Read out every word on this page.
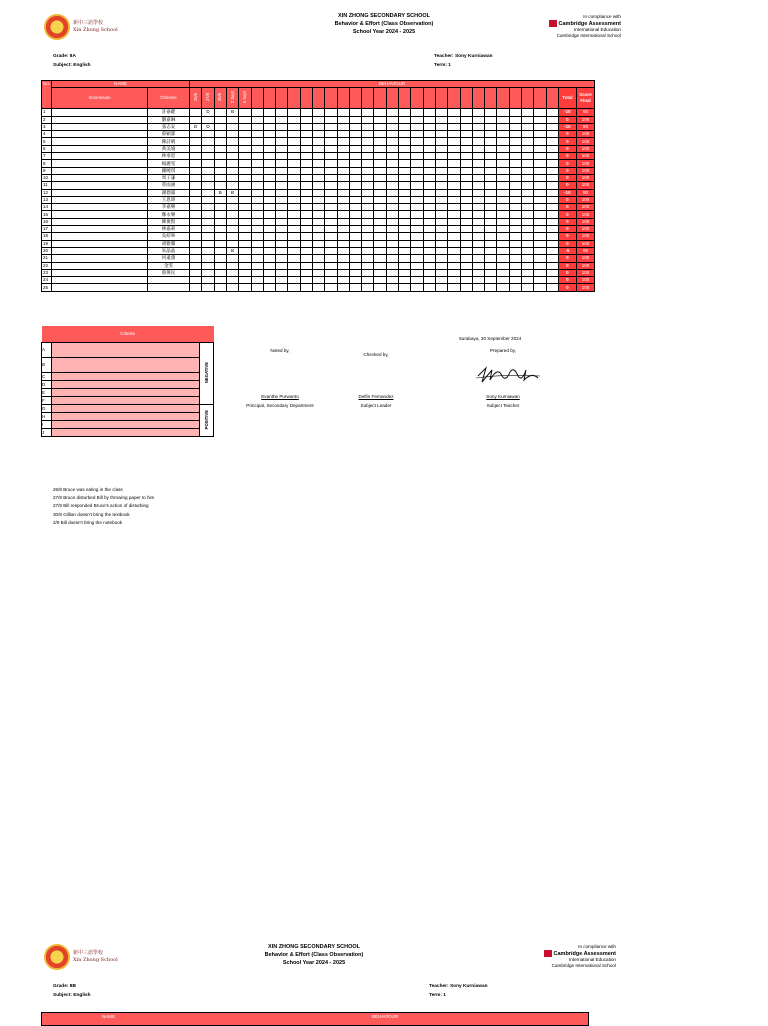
新中三語學校
Xin Zhong School
XIN ZHONG SECONDARY SCHOOL
Behavior & Effort (Class Observation)
School Year 2024 - 2025
In compliance with
Cambridge Assessment
International Education
Cambridge International School
Grade: 8A
Subject: English
Teacher: Sony Kurniawan
Term: 1
No.	NAME		BEHAVIOUR																															
	Indonesian	Chinese	26/8	27/8	30/8	2 Sept	6 Sept																										Total	Score Final

1		許嘉鍵		D		B																											-10	90
2		劉嘉琳																															0	100
3		張志安	D	D																													-10	90
4		蔡穎潔																															0	100
5		陳詩晴																															0	100
6		黃美瑜																															0	100
7		林承恩																															0	100
8		楊麗雯																															0	100
9		鍾曉琪																															0	100
10		周子謙																															0	100
11		曾雨涵																															0	100
12		謝德滿			B	B																											-10	90
13		王思瑋																															0	100
14		李嘉樂																															0	100
15		鄭永樂																															0	100
16		陳俊賢																															0	100
17		林嘉莉																															0	100
18		吳紹寧																															0	100
19		胡雅馨																															0	100
20		朱晶晶				B																											-5	95
21		何遠鴻																															0	100
22		金雯																															0	100
23		蔡偉民																															0	100
24																																	0	100
25																																	0	100
Criteria		
A		NEGATIVE
B		
C		
D		
E		
F		
G		POSITIVE
H		
I		
J		
Surabaya, 30 September 2024
Noted by,
Checked by,
Prepared by,
Evanthe Purwanto
Principal, Secondary Department
Delfin Fernandez
Subject Leader
Sony Kurniawan
Subject Teacher
26/8 Bruce was eating in the class
27/8 Bruce disturbed Bill by throwing paper to him
27/8 Bill responded Bruce's action of disturbing
30/8 Gillian doesn't bring the textbook
2/9 Bill doesn't bring the notebook
新中三語學校
Xin Zhong School
XIN ZHONG SECONDARY SCHOOL
Behavior & Effort (Class Observation)
School Year 2024 - 2025
In compliance with
Cambridge Assessment
International Education
Cambridge International School
Grade: 8B
Subject: English
Teacher: Sony Kurniawan
Term: 1
NAME	BEHAVIOUR
